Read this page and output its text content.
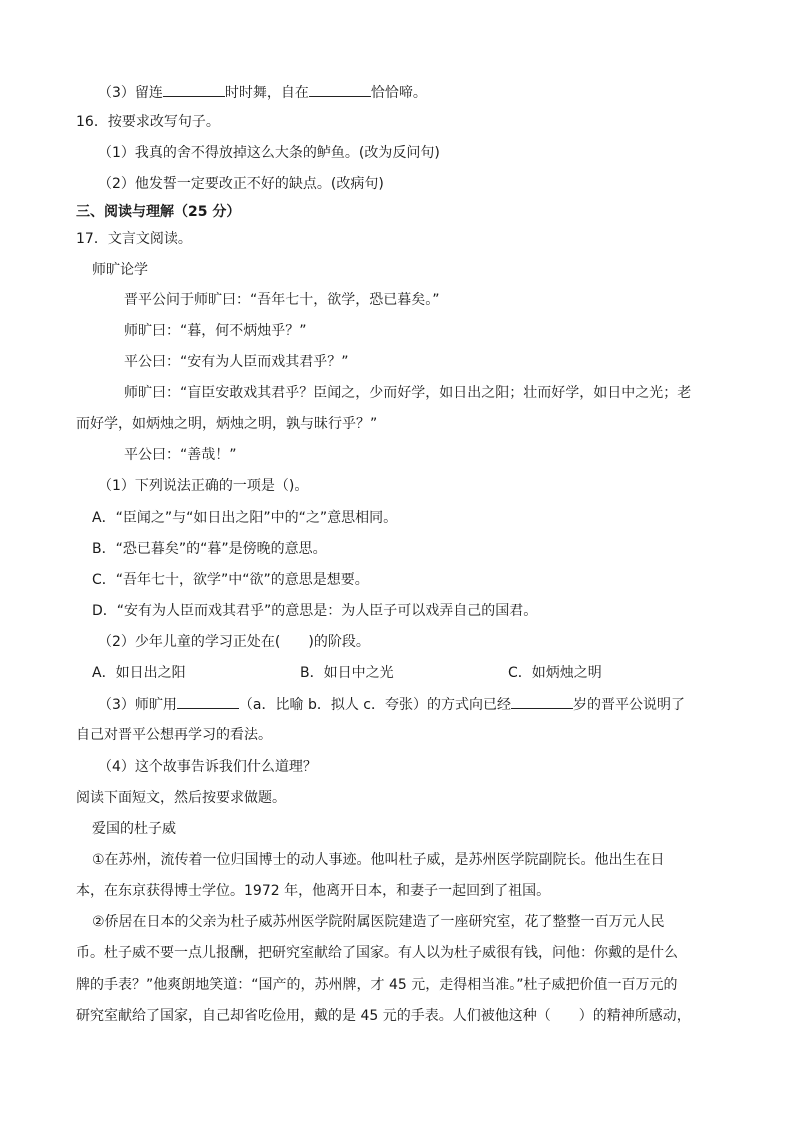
（3）留连	时时舞，自在	恰恰啼。
16．按要求改写句子。
（1）我真的舍不得放掉这么大条的鲈鱼。(改为反问句)
（2）他发誓一定要改正不好的缺点。(改病句)
三、阅读与理解（25 分）
17．文言文阅读。
师旷论学
晋平公问于师旷曰：“吾年七十，欲学，恐已暮矣。”
师旷曰：“暮，何不炳烛乎？”
平公曰：“安有为人臣而戏其君乎？”
师旷曰：“盲臣安敢戏其君乎？臣闻之，少而好学，如日出之阳；壮而好学，如日中之光；老
而好学，如炳烛之明，炳烛之明，孰与昧行乎？”
平公曰：“善哉！”
（1）下列说法正确的一项是（)。
A．“臣闻之”与“如日出之阳”中的“之”意思相同。
B．“恐已暮矣”的“暮”是傍晚的意思。
C．“吾年七十，欲学”中“欲”的意思是想要。
D．“安有为人臣而戏其君乎”的意思是：为人臣子可以戏弄自己的国君。
（2）少年儿童的学习正处在(　　)的阶段。
A．如日出之阳	B．如日中之光	C．如炳烛之明
（3）师旷用	（a．比喻 b．拟人 c．夸张）的方式向已经	岁的晋平公说明了
自己对晋平公想再学习的看法。
（4）这个故事告诉我们什么道理？
阅读下面短文，然后按要求做题。
爱国的杜子威
①在苏州，流传着一位归国博士的动人事迹。他叫杜子威，是苏州医学院副院长。他出生在日
本，在东京获得博士学位。1972 年，他离开日本，和妻子一起回到了祖国。
②侨居在日本的父亲为杜子威苏州医学院附属医院建造了一座研究室，花了整整一百万元人民
币。杜子威不要一点儿报酬，把研究室献给了国家。有人以为杜子威很有钱，问他：你戴的是什么
牌的手表？”他爽朗地笑道：“国产的，苏州牌，才 45 元，走得相当准。”杜子威把价值一百万元的
研究室献给了国家，自己却省吃俭用，戴的是 45 元的手表。人们被他这种（　　）的精神所感动，
